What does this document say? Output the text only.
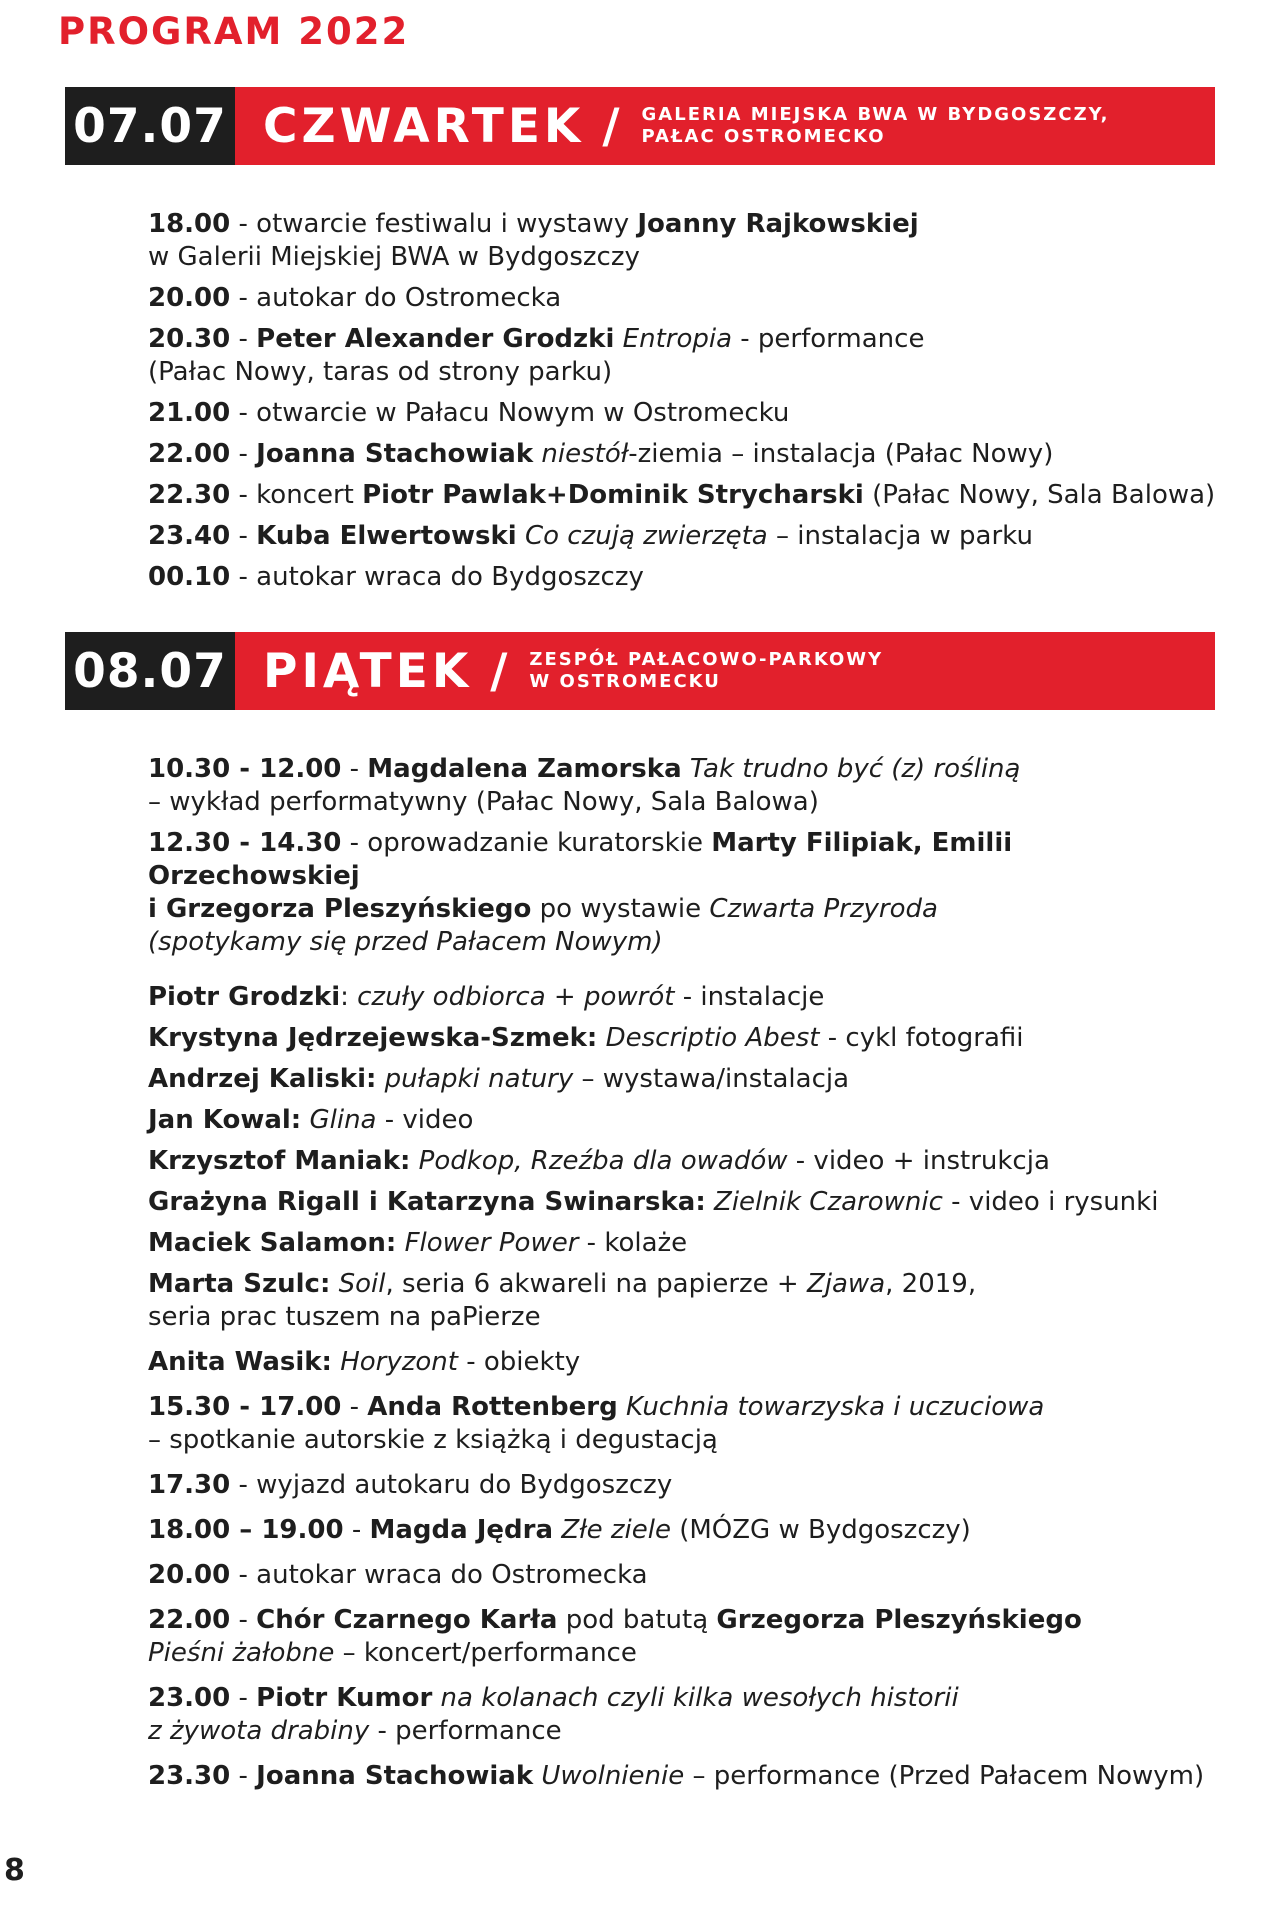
PROGRAM 2022
07.07 CZWARTEK / GALERIA MIEJSKA BWA W BYDGOSZCZY,
PAŁAC OSTROMECKO
18.00 - otwarcie festiwalu i wystawy Joanny Rajkowskiej
w Galerii Miejskiej BWA w Bydgoszczy
20.00 - autokar do Ostromecka
20.30 - Peter Alexander Grodzki Entropia - performance
(Pałac Nowy, taras od strony parku)
21.00 - otwarcie w Pałacu Nowym w Ostromecku
22.00 - Joanna Stachowiak niestół-ziemia – instalacja (Pałac Nowy)
22.30 - koncert Piotr Pawlak+Dominik Strycharski (Pałac Nowy, Sala Balowa)
23.40 - Kuba Elwertowski Co czują zwierzęta – instalacja w parku
00.10 - autokar wraca do Bydgoszczy
08.07 PIĄTEK / ZESPÓŁ PAŁACOWO-PARKOWY
W OSTROMECKU
10.30 - 12.00 - Magdalena Zamorska Tak trudno być (z) rośliną
– wykład performatywny (Pałac Nowy, Sala Balowa)
12.30 - 14.30 - oprowadzanie kuratorskie Marty Filipiak, Emilii Orzechowskiej
i Grzegorza Pleszyńskiego po wystawie Czwarta Przyroda
(spotykamy się przed Pałacem Nowym)
Piotr Grodzki: czuły odbiorca + powrót - instalacje
Krystyna Jędrzejewska-Szmek: Descriptio Abest - cykl fotografii
Andrzej Kaliski: pułapki natury – wystawa/instalacja
Jan Kowal: Glina - video
Krzysztof Maniak: Podkop, Rzeźba dla owadów - video + instrukcja
Grażyna Rigall i Katarzyna Swinarska: Zielnik Czarownic - video i rysunki
Maciek Salamon: Flower Power - kolaże
Marta Szulc: Soil, seria 6 akwareli na papierze + Zjawa, 2019,
seria prac tuszem na paPierze
Anita Wasik: Horyzont - obiekty
15.30 - 17.00 - Anda Rottenberg Kuchnia towarzyska i uczuciowa
– spotkanie autorskie z książką i degustacją
17.30 - wyjazd autokaru do Bydgoszczy
18.00 – 19.00 - Magda Jędra Złe ziele (MÓZG w Bydgoszczy)
20.00 - autokar wraca do Ostromecka
22.00 - Chór Czarnego Karła pod batutą Grzegorza Pleszyńskiego
Pieśni żałobne – koncert/performance
23.00 - Piotr Kumor na kolanach czyli kilka wesołych historii
z żywota drabiny - performance
23.30 - Joanna Stachowiak Uwolnienie – performance (Przed Pałacem Nowym)
8
